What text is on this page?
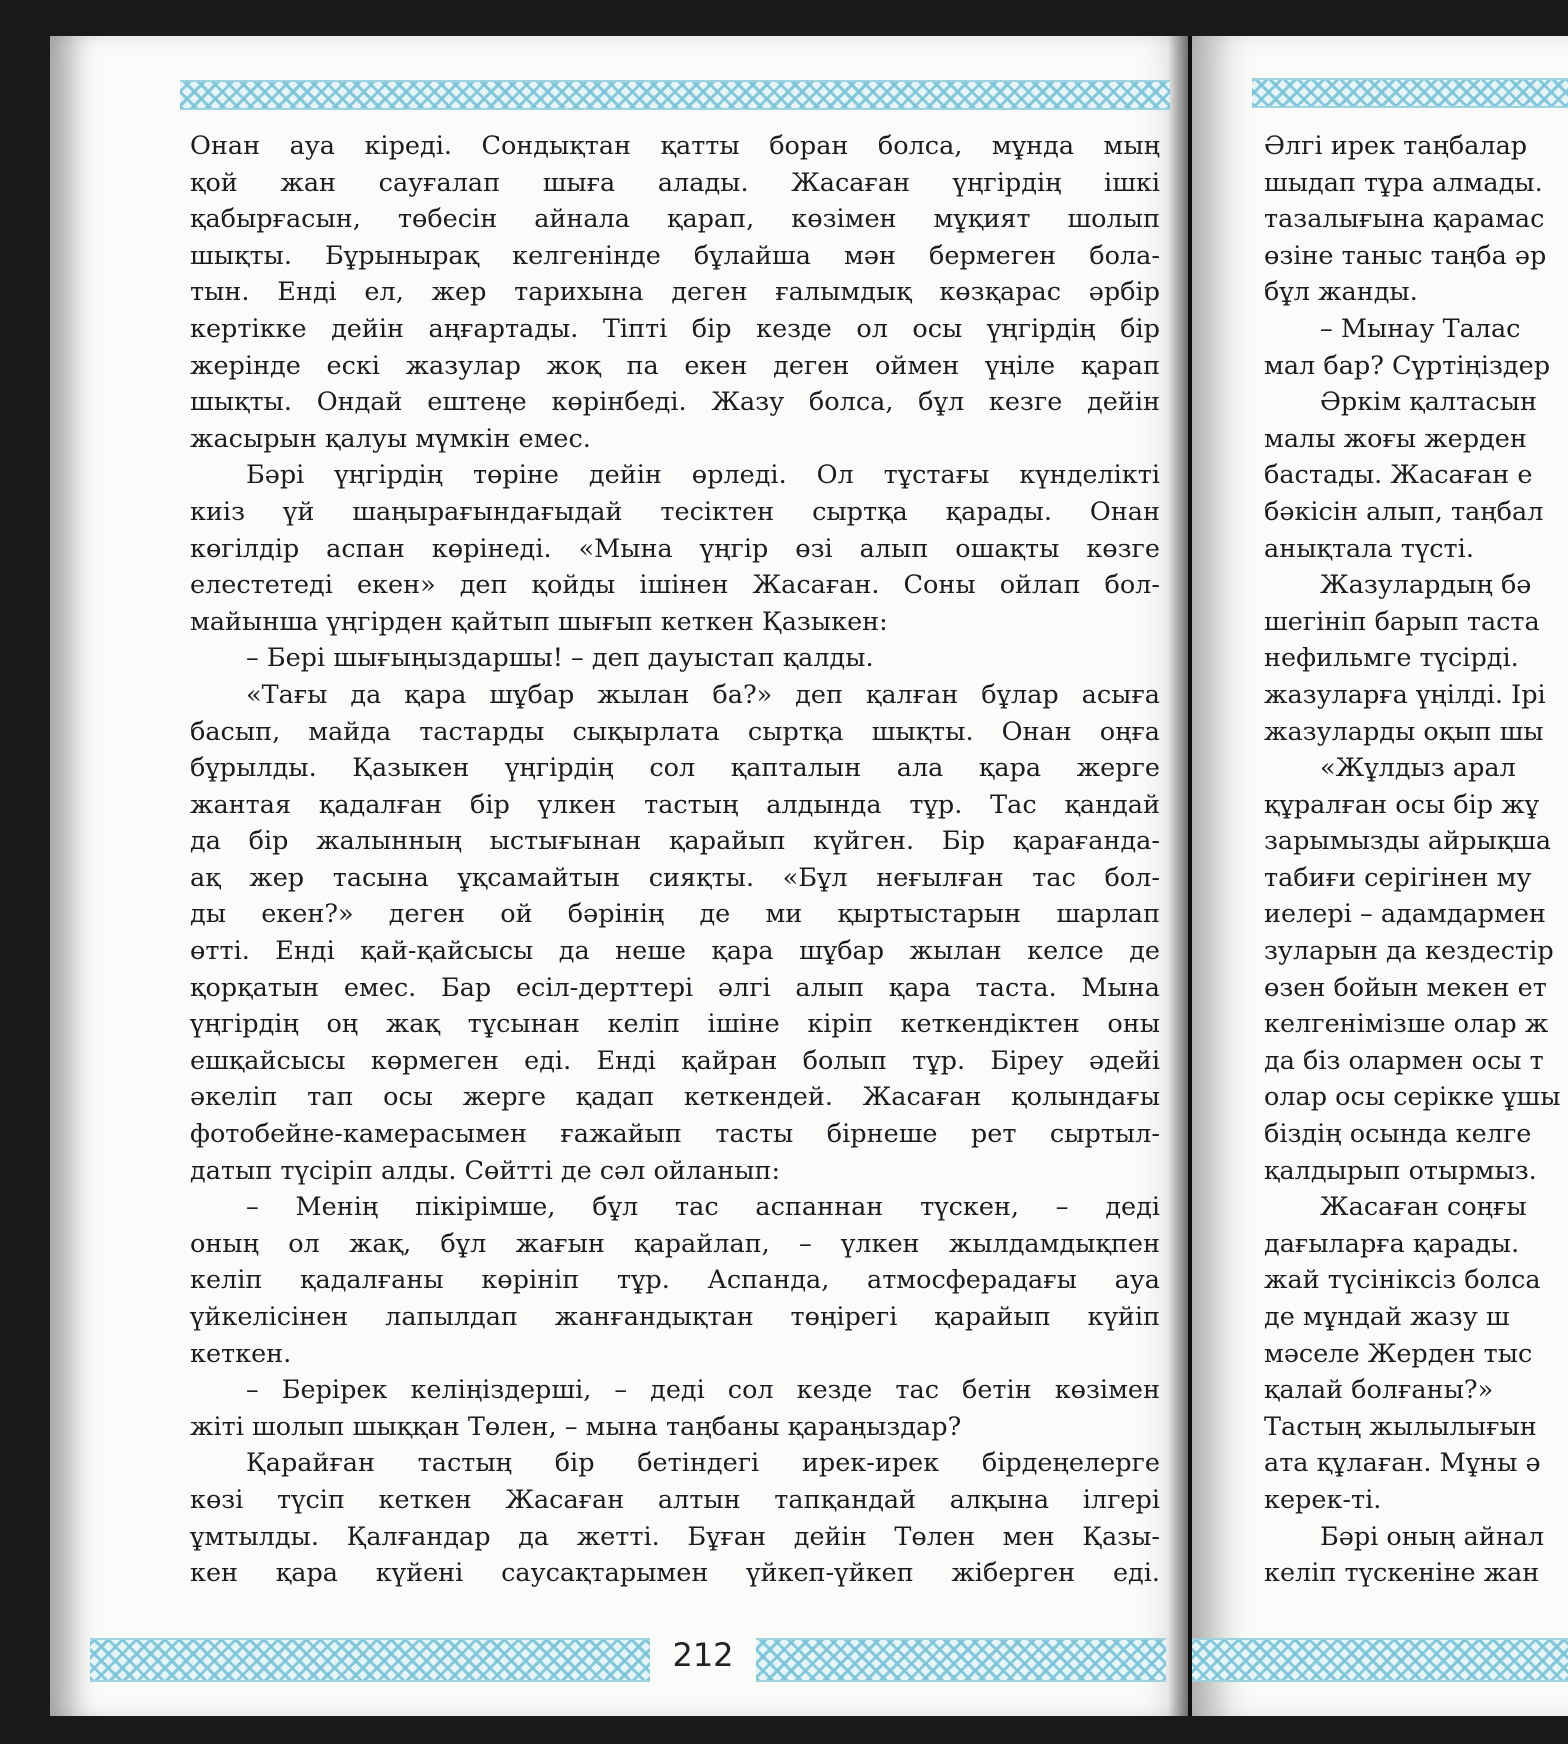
Онан ауа кіреді. Сондықтан қатты боран болса, мұнда мың
қой жан сауғалап шыға алады. Жасаған үңгірдің ішкі
қабырғасын, төбесін айнала қарап, көзімен мұқият шолып
шықты. Бұрынырақ келгенінде бұлайша мән бермеген бола-
тын. Енді ел, жер тарихына деген ғалымдық көзқарас әрбір
кертікке дейін аңғартады. Тіпті бір кезде ол осы үңгірдің бір
жерінде ескі жазулар жоқ па екен деген оймен үңіле қарап
шықты. Ондай ештеңе көрінбеді. Жазу болса, бұл кезге дейін
жасырын қалуы мүмкін емес.
Бәрі үңгірдің төріне дейін өрледі. Ол тұстағы күнделікті
киіз үй шаңырағындағыдай тесіктен сыртқа қарады. Онан
көгілдір аспан көрінеді. «Мына үңгір өзі алып ошақты көзге
елестетеді екен» деп қойды ішінен Жасаған. Соны ойлап бол-
майынша үңгірден қайтып шығып кеткен Қазыкен:
– Бері шығыңыздаршы! – деп дауыстап қалды.
«Тағы да қара шұбар жылан ба?» деп қалған бұлар асыға
басып, майда тастарды сықырлата сыртқа шықты. Онан оңға
бұрылды. Қазыкен үңгірдің сол қапталын ала қара жерге
жантая қадалған бір үлкен тастың алдында тұр. Тас қандай
да бір жалынның ыстығынан қарайып күйген. Бір қарағанда-
ақ жер тасына ұқсамайтын сияқты. «Бұл неғылған тас бол-
ды екен?» деген ой бәрінің де ми қыртыстарын шарлап
өтті. Енді қай-қайсысы да неше қара шұбар жылан келсе де
қорқатын емес. Бар есіл-дерттері әлгі алып қара таста. Мына
үңгірдің оң жақ тұсынан келіп ішіне кіріп кеткендіктен оны
ешқайсысы көрмеген еді. Енді қайран болып тұр. Біреу әдейі
әкеліп тап осы жерге қадап кеткендей. Жасаған қолындағы
фотобейне-камерасымен ғажайып тасты бірнеше рет сыртыл-
датып түсіріп алды. Сөйтті де сәл ойланып:
– Менің пікірімше, бұл тас аспаннан түскен, – деді
оның ол жақ, бұл жағын қарайлап, – үлкен жылдамдықпен
келіп қадалғаны көрініп тұр. Аспанда, атмосферадағы ауа
үйкелісінен лапылдап жанғандықтан төңірегі қарайып күйіп
кеткен.
– Берірек келіңіздерші, – деді сол кезде тас бетін көзімен
жіті шолып шыққан Төлен, – мына таңбаны қараңыздар?
Қарайған тастың бір бетіндегі ирек-ирек бірдеңелерге
көзі түсіп кеткен Жасаған алтын тапқандай алқына ілгері
ұмтылды. Қалғандар да жетті. Бұған дейін Төлен мен Қазы-
кен қара күйені саусақтарымен үйкеп-үйкеп жіберген еді.
212
Әлгі ирек таңбалар
шыдап тұра алмады.
тазалығына қарамас
өзіне таныс таңба әр
бұл жанды.
– Мынау Талас
мал бар? Сүртіңіздер
Әркім қалтасын
малы жоғы жерден
бастады. Жасаған е
бәкісін алып, таңбал
анықтала түсті.
Жазулардың бә
шегініп барып таста
нефильмге түсірді.
жазуларға үңілді. Ірі
жазуларды оқып шы
«Жұлдыз арал
құралған осы бір жұ
зарымызды айрықша
табиғи серігінен му
иелері – адамдармен
зуларын да кездестір
өзен бойын мекен ет
келгенімізше олар ж
да біз олармен осы т
олар осы серікке ұшы
біздің осында келге
қалдырып отырмыз.
Жасаған соңғы
дағыларға қарады.
жай түсініксіз болса
де мұндай жазу ш
мәселе Жерден тыс
қалай болғаны?»
Тастың жылылығын
ата құлаған. Мұны ә
керек-ті.
Бәрі оның айнал
келіп түскеніне жан
